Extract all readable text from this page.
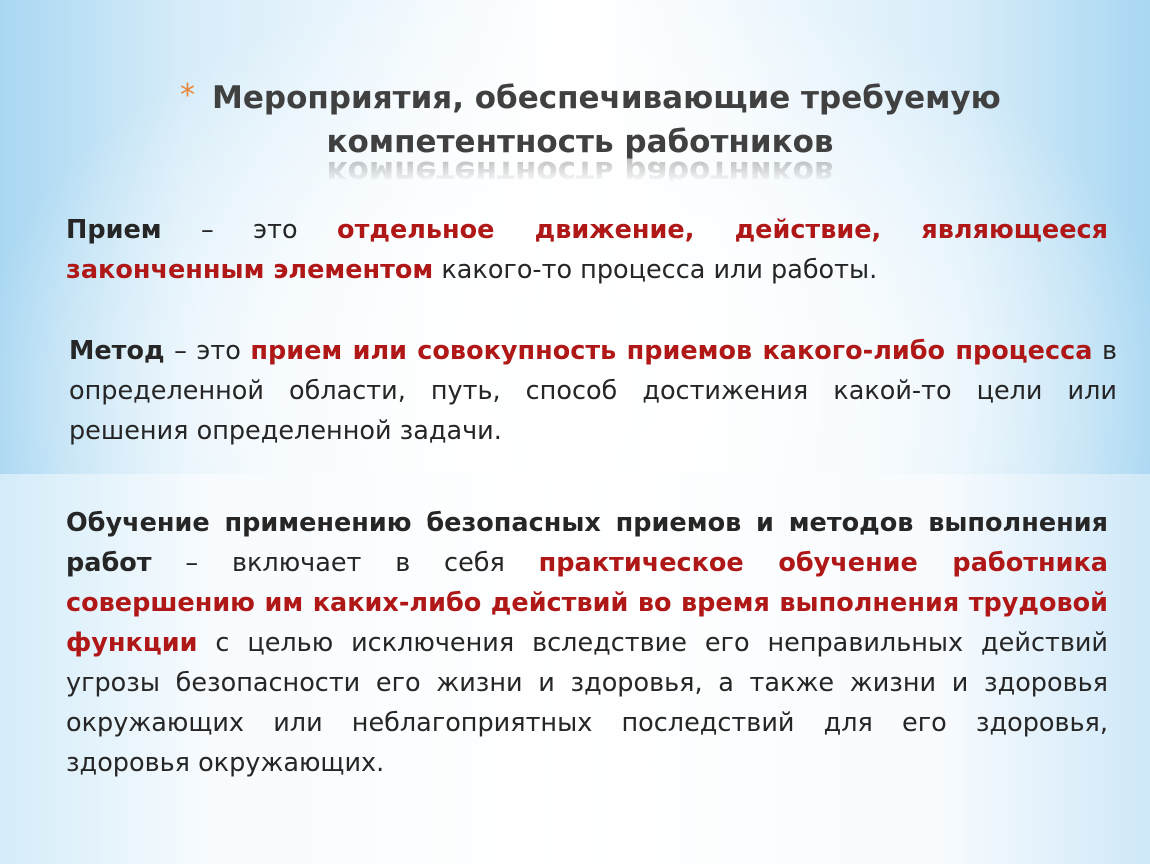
* Мероприятия, обеспечивающие требуемую
компетентность работников
Прием – это отдельное движение, действие, являющееся законченным элементом какого-то процесса или работы.
Метод – это прием или совокупность приемов какого-либо процесса в определенной области, путь, способ достижения какой-то цели или решения определенной задачи.
Обучение применению безопасных приемов и методов выполнения работ – включает в себя практическое обучение работника совершению им каких-либо действий во время выполнения трудовой функции с целью исключения вследствие его неправильных действий угрозы безопасности его жизни и здоровья, а также жизни и здоровья окружающих или неблагоприятных последствий для его здоровья, здоровья окружающих.
